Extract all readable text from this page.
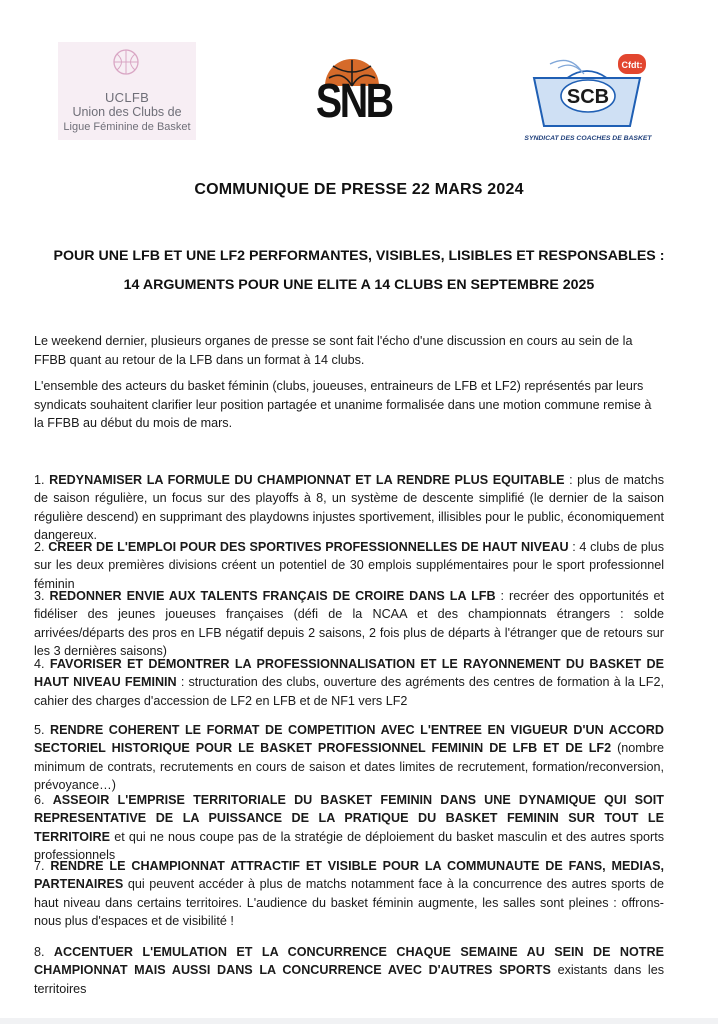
UCLFB
Union des Clubs de
Ligue Féminine de Basket	SNB	SCB
Cfdt:
SYNDICAT DES COACHES DE BASKET
COMMUNIQUE DE PRESSE 22 MARS 2024
POUR UNE LFB ET UNE LF2 PERFORMANTES, VISIBLES, LISIBLES ET RESPONSABLES :
14 ARGUMENTS POUR UNE ELITE A 14 CLUBS EN SEPTEMBRE 2025
Le weekend dernier, plusieurs organes de presse se sont fait l'écho d'une discussion en cours au sein de la FFBB quant au retour de la LFB dans un format à 14 clubs.
L'ensemble des acteurs du basket féminin (clubs, joueuses, entraineurs de LFB et LF2) représentés par leurs syndicats souhaitent clarifier leur position partagée et unanime formalisée dans une motion commune remise à la FFBB au début du mois de mars.
1. REDYNAMISER LA FORMULE DU CHAMPIONNAT ET LA RENDRE PLUS EQUITABLE : plus de matchs de saison régulière, un focus sur des playoffs à 8, un système de descente simplifié (le dernier de la saison régulière descend) en supprimant des playdowns injustes sportivement, illisibles pour le public, économiquement dangereux.
2. CREER DE L'EMPLOI POUR DES SPORTIVES PROFESSIONNELLES DE HAUT NIVEAU : 4 clubs de plus sur les deux premières divisions créent un potentiel de 30 emplois supplémentaires pour le sport professionnel féminin
3. REDONNER ENVIE AUX TALENTS FRANÇAIS DE CROIRE DANS LA LFB : recréer des opportunités et fidéliser des jeunes joueuses françaises (défi de la NCAA et des championnats étrangers : solde arrivées/départs des pros en LFB négatif depuis 2 saisons, 2 fois plus de départs à l'étranger que de retours sur les 3 dernières saisons)
4. FAVORISER ET DEMONTRER LA PROFESSIONNALISATION ET LE RAYONNEMENT DU BASKET DE HAUT NIVEAU FEMININ : structuration des clubs, ouverture des agréments des centres de formation à la LF2, cahier des charges d'accession de LF2 en LFB et de NF1 vers LF2
5. RENDRE COHERENT LE FORMAT DE COMPETITION AVEC L'ENTREE EN VIGUEUR D'UN ACCORD SECTORIEL HISTORIQUE POUR LE BASKET PROFESSIONNEL FEMININ DE LFB ET DE LF2 (nombre minimum de contrats, recrutements en cours de saison et dates limites de recrutement, formation/reconversion, prévoyance…)
6. ASSEOIR L'EMPRISE TERRITORIALE DU BASKET FEMININ DANS UNE DYNAMIQUE QUI SOIT REPRESENTATIVE DE LA PUISSANCE DE LA PRATIQUE DU BASKET FEMININ SUR TOUT LE TERRITOIRE et qui ne nous coupe pas de la stratégie de déploiement du basket masculin et des autres sports professionnels
7. RENDRE LE CHAMPIONNAT ATTRACTIF ET VISIBLE POUR LA COMMUNAUTE DE FANS, MEDIAS, PARTENAIRES qui peuvent accéder à plus de matchs notamment face à la concurrence des autres sports de haut niveau dans certains territoires. L'audience du basket féminin augmente, les salles sont pleines : offrons-nous plus d'espaces et de visibilité !
8. ACCENTUER L'EMULATION ET LA CONCURRENCE CHAQUE SEMAINE AU SEIN DE NOTRE CHAMPIONNAT MAIS AUSSI DANS LA CONCURRENCE AVEC D'AUTRES SPORTS existants dans les territoires
